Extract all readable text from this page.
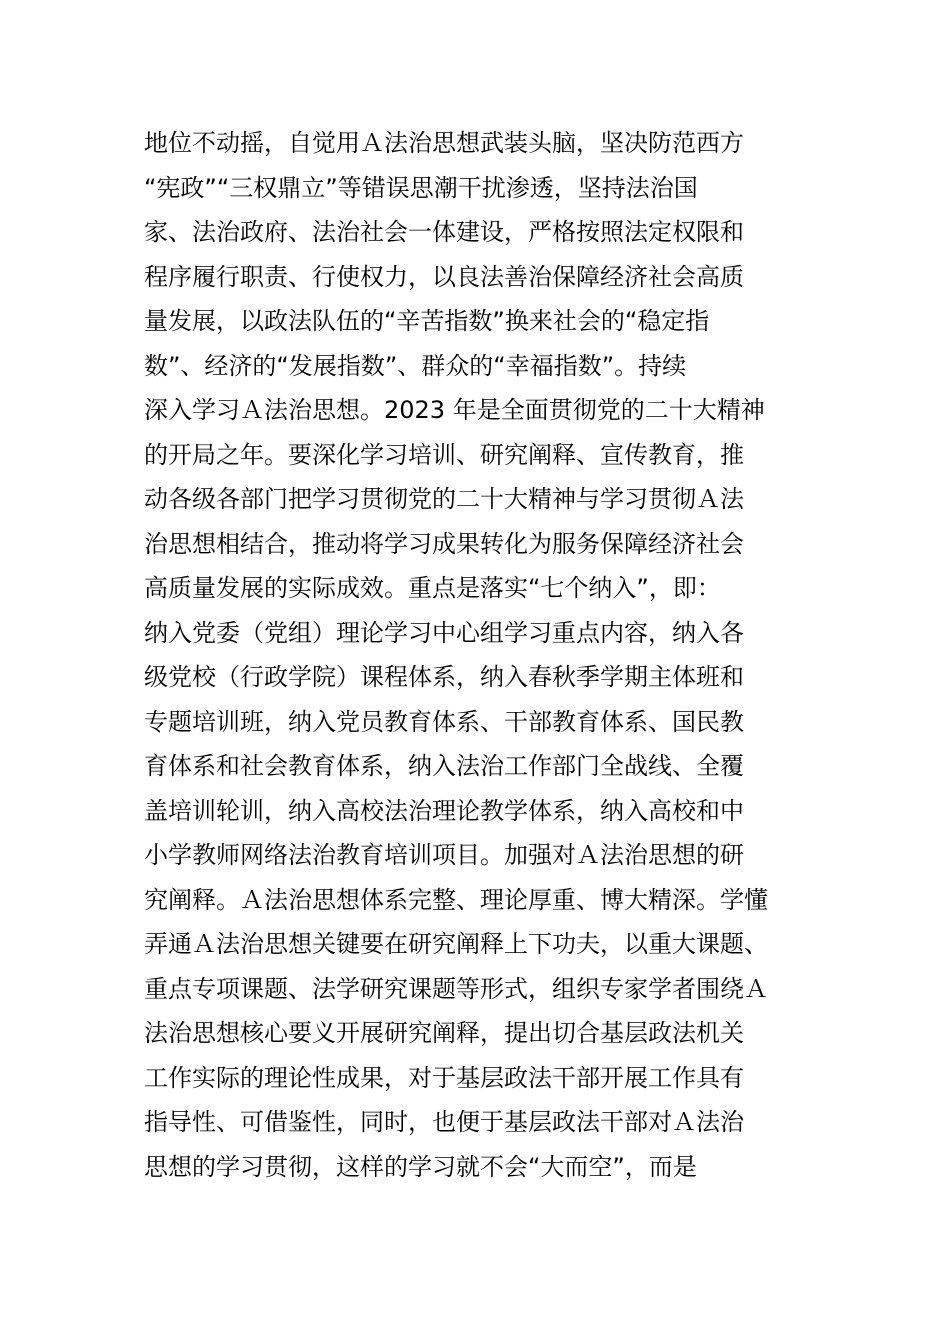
地位不动摇，自觉用Ａ法治思想武装头脑，坚决防范西方
“宪政”“三权鼎立”等错误思潮干扰渗透，坚持法治国
家、法治政府、法治社会一体建设，严格按照法定权限和
程序履行职责、行使权力，以良法善治保障经济社会高质
量发展，以政法队伍的“辛苦指数”换来社会的“稳定指
数”、经济的“发展指数”、群众的“幸福指数”。持续
深入学习Ａ法治思想。2023 年是全面贯彻党的二十大精神
的开局之年。要深化学习培训、研究阐释、宣传教育，推
动各级各部门把学习贯彻党的二十大精神与学习贯彻Ａ法
治思想相结合，推动将学习成果转化为服务保障经济社会
高质量发展的实际成效。重点是落实“七个纳入”，即：
纳入党委（党组）理论学习中心组学习重点内容，纳入各
级党校（行政学院）课程体系，纳入春秋季学期主体班和
专题培训班，纳入党员教育体系、干部教育体系、国民教
育体系和社会教育体系，纳入法治工作部门全战线、全覆
盖培训轮训，纳入高校法治理论教学体系，纳入高校和中
小学教师网络法治教育培训项目。加强对Ａ法治思想的研
究阐释。Ａ法治思想体系完整、理论厚重、博大精深。学懂
弄通Ａ法治思想关键要在研究阐释上下功夫，以重大课题、
重点专项课题、法学研究课题等形式，组织专家学者围绕Ａ
法治思想核心要义开展研究阐释，提出切合基层政法机关
工作实际的理论性成果，对于基层政法干部开展工作具有
指导性、可借鉴性，同时，也便于基层政法干部对Ａ法治
思想的学习贯彻，这样的学习就不会“大而空”，而是
